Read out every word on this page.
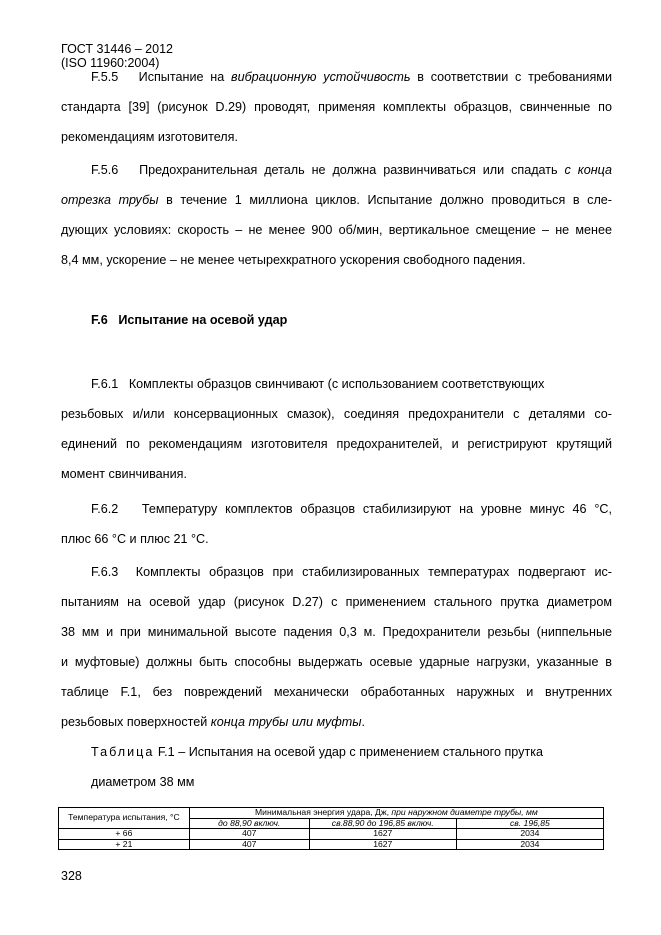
ГОСТ 31446 – 2012
(ISO 11960:2004)
F.5.5 Испытание на вибрационную устойчивость в соответствии с требованиями
стандарта [39] (рисунок D.29) проводят, применяя комплекты образцов, свинченные по
рекомендациям изготовителя.
F.5.6 Предохранительная деталь не должна развинчиваться или спадать с конца
отрезка трубы в течение 1 миллиона циклов. Испытание должно проводиться в сле-
дующих условиях: скорость – не менее 900 об/мин, вертикальное смещение – не менее
8,4 мм, ускорение – не менее четырехкратного ускорения свободного падения.
F.6 Испытание на осевой удар
F.6.1 Комплекты образцов свинчивают (с использованием соответствующих
резьбовых и/или консервационных смазок), соединяя предохранители с деталями со-
единений по рекомендациям изготовителя предохранителей, и регистрируют крутящий
момент свинчивания.
F.6.2 Температуру комплектов образцов стабилизируют на уровне минус 46 °С,
плюс 66 °С и плюс 21 °С.
F.6.3 Комплекты образцов при стабилизированных температурах подвергают ис-
пытаниям на осевой удар (рисунок D.27) с применением стального прутка диаметром
38 мм и при минимальной высоте падения 0,3 м. Предохранители резьбы (ниппельные
и муфтовые) должны быть способны выдержать осевые ударные нагрузки, указанные в
таблице F.1, без повреждений механически обработанных наружных и внутренних
резьбовых поверхностей конца трубы или муфты.
Таблица F.1 – Испытания на осевой удар с применением стального прутка
диаметром 38 мм
Температура испытания, °С	Минимальная энергия удара, Дж, при наружном диаметре трубы, мм		
	до 88,90 включ.	св.88,90 до 196,85 включ.	св. 196,85
+ 66	407	1627	2034
+ 21	407	1627	2034
328
